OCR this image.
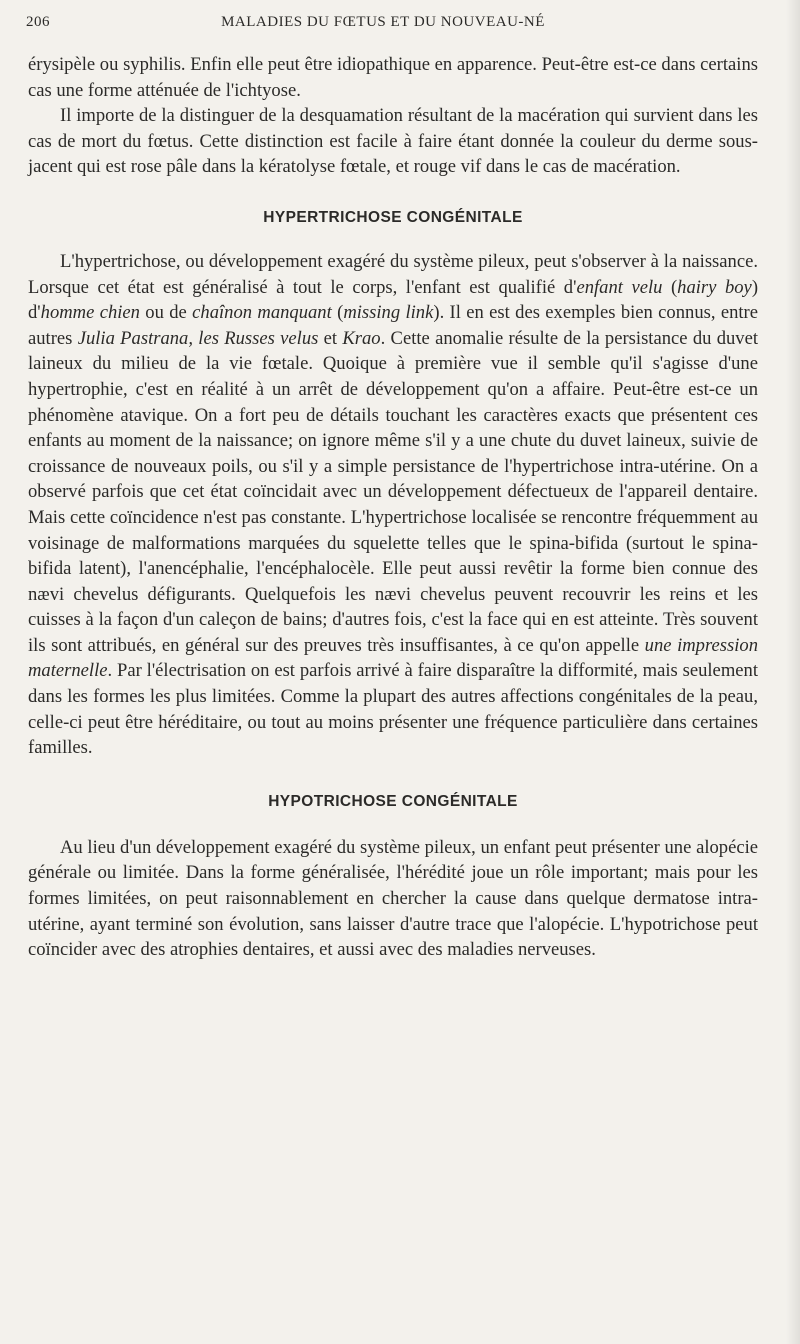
206	MALADIES DU FŒTUS ET DU NOUVEAU-NÉ

érysipèle ou syphilis. Enfin elle peut être idiopathique en apparence. Peut-être est-ce dans certains cas une forme atténuée de l'ichtyose.

Il importe de la distinguer de la desquamation résultant de la macération qui survient dans les cas de mort du fœtus. Cette distinction est facile à faire étant donnée la couleur du derme sous-jacent qui est rose pâle dans la kératolyse fœtale, et rouge vif dans le cas de macération.

HYPERTRICHOSE CONGÉNITALE

L'hypertrichose, ou développement exagéré du système pileux, peut s'observer à la naissance. Lorsque cet état est généralisé à tout le corps, l'enfant est qualifié d'enfant velu (hairy boy) d'homme chien ou de chaînon manquant (missing link). Il en est des exemples bien connus, entre autres Julia Pastrana, les Russes velus et Krao. Cette anomalie résulte de la persistance du duvet laineux du milieu de la vie fœtale. Quoique à première vue il semble qu'il s'agisse d'une hypertrophie, c'est en réalité à un arrêt de développement qu'on a affaire. Peut-être est-ce un phénomène atavique. On a fort peu de détails touchant les caractères exacts que présentent ces enfants au moment de la naissance; on ignore même s'il y a une chute du duvet laineux, suivie de croissance de nouveaux poils, ou s'il y a simple persistance de l'hypertrichose intra-utérine. On a observé parfois que cet état coïncidait avec un développement défectueux de l'appareil dentaire. Mais cette coïncidence n'est pas constante. L'hypertrichose localisée se rencontre fréquemment au voisinage de malformations marquées du squelette telles que le spina-bifida (surtout le spina-bifida latent), l'anencéphalie, l'encéphalocèle. Elle peut aussi revêtir la forme bien connue des nævi chevelus défigurants. Quelquefois les nævi chevelus peuvent recouvrir les reins et les cuisses à la façon d'un caleçon de bains; d'autres fois, c'est la face qui en est atteinte. Très souvent ils sont attribués, en général sur des preuves très insuffisantes, à ce qu'on appelle une impression maternelle. Par l'électrisation on est parfois arrivé à faire disparaître la difformité, mais seulement dans les formes les plus limitées. Comme la plupart des autres affections congénitales de la peau, celle-ci peut être héréditaire, ou tout au moins présenter une fréquence particulière dans certaines familles.

HYPOTRICHOSE CONGÉNITALE

Au lieu d'un développement exagéré du système pileux, un enfant peut présenter une alopécie générale ou limitée. Dans la forme généralisée, l'hérédité joue un rôle important; mais pour les formes limitées, on peut raisonnablement en chercher la cause dans quelque dermatose intra-utérine, ayant terminé son évolution, sans laisser d'autre trace que l'alopécie. L'hypotrichose peut coïncider avec des atrophies dentaires, et aussi avec des maladies nerveuses.
